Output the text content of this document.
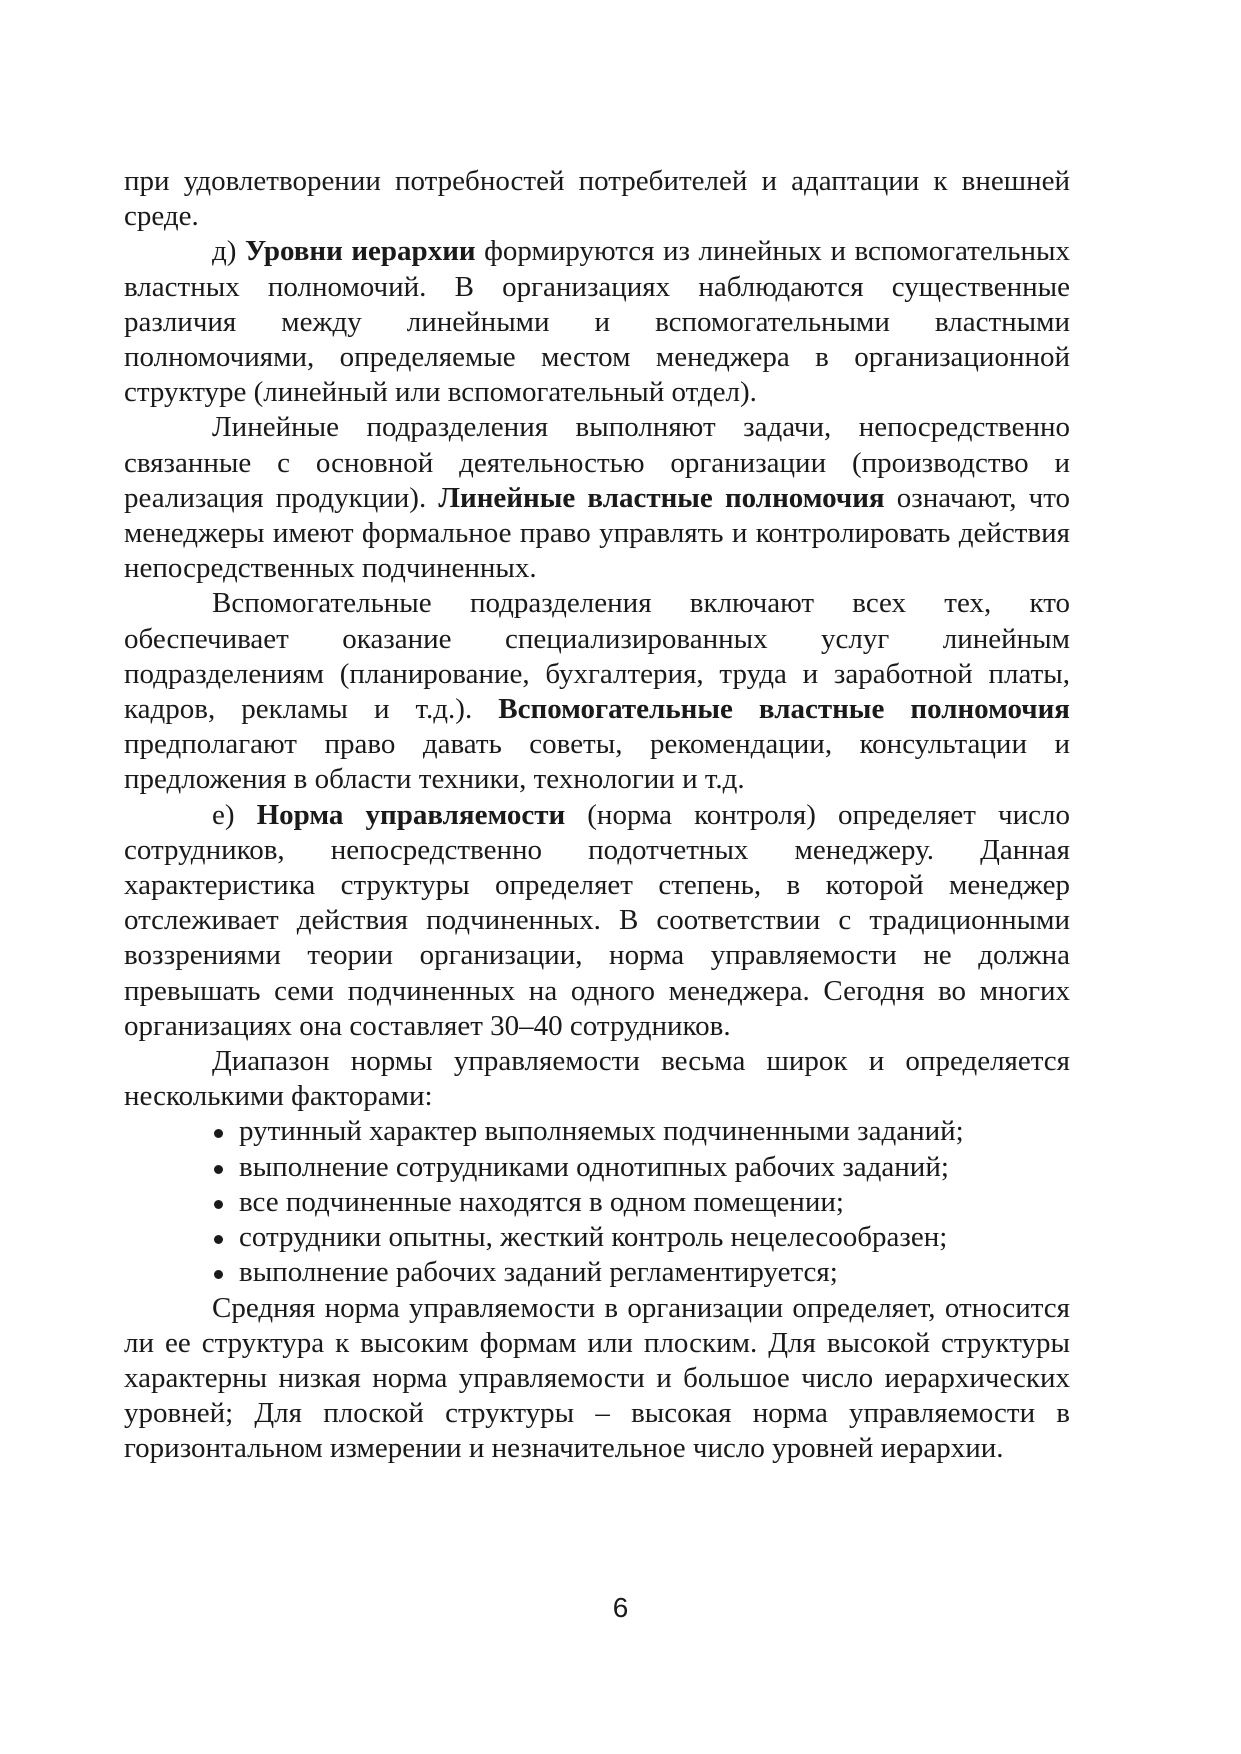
при удовлетворении потребностей потребителей и адаптации к внешней среде.

д) Уровни иерархии формируются из линейных и вспомогательных властных полномочий. В организациях наблюдаются существенные различия между линейными и вспомогательными властными полномочиями, определяемые местом менеджера в организационной структуре (линейный или вспомогательный отдел).

Линейные подразделения выполняют задачи, непосредственно связанные с основной деятельностью организации (производство и реализация продукции). Линейные властные полномочия означают, что менеджеры имеют формальное право управлять и контролировать действия непосредственных подчиненных.

Вспомогательные подразделения включают всех тех, кто обеспечивает оказание специализированных услуг линейным подразделениям (планирование, бухгалтерия, труда и заработной платы, кадров, рекламы и т.д.). Вспомогательные властные полномочия предполагают право давать советы, рекомендации, консультации и предложения в области техники, технологии и т.д.

е) Норма управляемости (норма контроля) определяет число сотрудников, непосредственно подотчетных менеджеру. Данная характеристика структуры определяет степень, в которой менеджер отслеживает действия подчиненных. В соответствии с традиционными воззрениями теории организации, норма управляемости не должна превышать семи подчиненных на одного менеджера. Сегодня во многих организациях она составляет 30–40 сотрудников.

Диапазон нормы управляемости весьма широк и определяется несколькими факторами:

рутинный характер выполняемых подчиненными заданий;
выполнение сотрудниками однотипных рабочих заданий;
все подчиненные находятся в одном помещении;
сотрудники опытны, жесткий контроль нецелесообразен;
выполнение рабочих заданий регламентируется;

Средняя норма управляемости в организации определяет, относится ли ее структура к высоким формам или плоским. Для высокой структуры характерны низкая норма управляемости и большое число иерархических уровней; Для плоской структуры – высокая норма управляемости в горизонтальном измерении и незначительное число уровней иерархии.

6
